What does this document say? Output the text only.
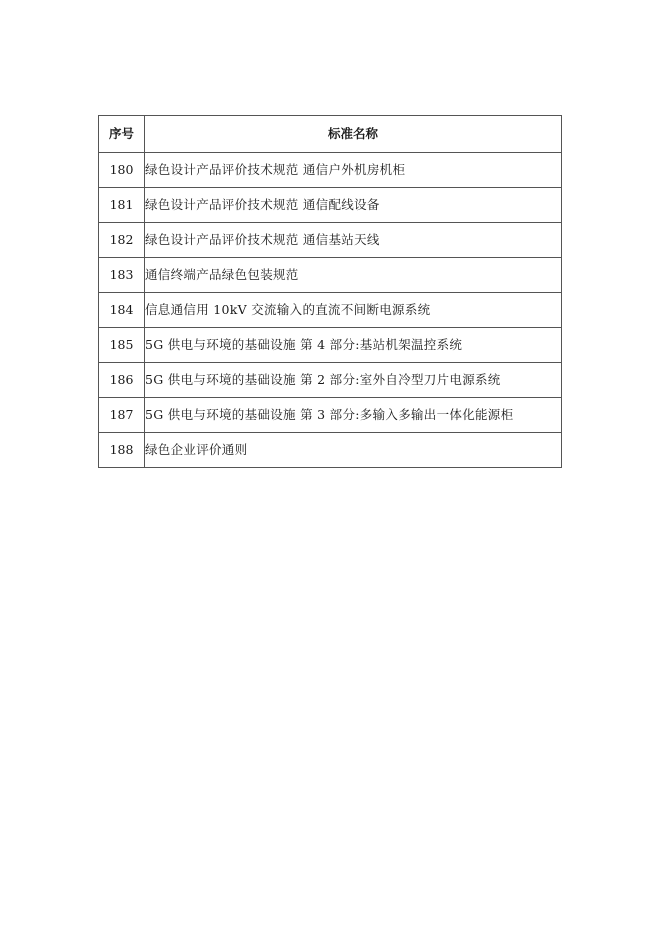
序号	标准名称
180	绿色设计产品评价技术规范 通信户外机房机柜
181	绿色设计产品评价技术规范 通信配线设备
182	绿色设计产品评价技术规范 通信基站天线
183	通信终端产品绿色包装规范
184	信息通信用 10kV 交流输入的直流不间断电源系统
185	5G 供电与环境的基础设施 第 4 部分:基站机架温控系统
186	5G 供电与环境的基础设施 第 2 部分:室外自冷型刀片电源系统
187	5G 供电与环境的基础设施 第 3 部分:多输入多输出一体化能源柜
188	绿色企业评价通则
